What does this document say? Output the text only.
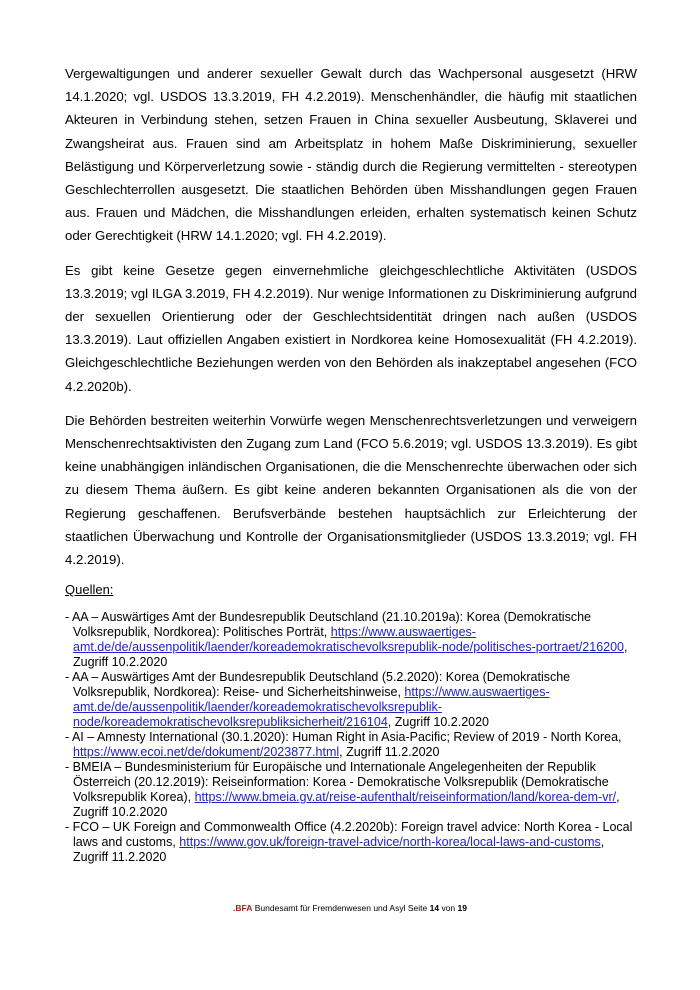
Vergewaltigungen und anderer sexueller Gewalt durch das Wachpersonal ausgesetzt (HRW 14.1.2020; vgl. USDOS 13.3.2019, FH 4.2.2019). Menschenhändler, die häufig mit staatlichen Akteuren in Verbindung stehen, setzen Frauen in China sexueller Ausbeutung, Sklaverei und Zwangsheirat aus. Frauen sind am Arbeitsplatz in hohem Maße Diskriminierung, sexueller Belästigung und Körperverletzung sowie - ständig durch die Regierung vermittelten - stereotypen Geschlechterrollen ausgesetzt. Die staatlichen Behörden üben Misshandlungen gegen Frauen aus. Frauen und Mädchen, die Misshandlungen erleiden, erhalten systematisch keinen Schutz oder Gerechtigkeit (HRW 14.1.2020; vgl. FH 4.2.2019).

Es gibt keine Gesetze gegen einvernehmliche gleichgeschlechtliche Aktivitäten (USDOS 13.3.2019; vgl ILGA 3.2019, FH 4.2.2019). Nur wenige Informationen zu Diskriminierung aufgrund der sexuellen Orientierung oder der Geschlechtsidentität dringen nach außen (USDOS 13.3.2019). Laut offiziellen Angaben existiert in Nordkorea keine Homosexualität (FH 4.2.2019). Gleichgeschlechtliche Beziehungen werden von den Behörden als inakzeptabel angesehen (FCO 4.2.2020b).

Die Behörden bestreiten weiterhin Vorwürfe wegen Menschenrechtsverletzungen und verweigern Menschenrechtsaktivisten den Zugang zum Land (FCO 5.6.2019; vgl. USDOS 13.3.2019). Es gibt keine unabhängigen inländischen Organisationen, die die Menschenrechte überwachen oder sich zu diesem Thema äußern. Es gibt keine anderen bekannten Organisationen als die von der Regierung geschaffenen. Berufsverbände bestehen hauptsächlich zur Erleichterung der staatlichen Überwachung und Kontrolle der Organisationsmitglieder (USDOS 13.3.2019; vgl. FH 4.2.2019).

Quellen:
- AA – Auswärtiges Amt der Bundesrepublik Deutschland (21.10.2019a): Korea (Demokratische Volksrepublik, Nordkorea): Politisches Porträt, https://www.auswaertiges-amt.de/de/aussenpolitik/laender/koreademokratischevolksrepublik-node/politisches-portraet/216200, Zugriff 10.2.2020
- AA – Auswärtiges Amt der Bundesrepublik Deutschland (5.2.2020): Korea (Demokratische Volksrepublik, Nordkorea): Reise- und Sicherheitshinweise, https://www.auswaertiges-amt.de/de/aussenpolitik/laender/koreademokratischevolksrepublik-node/koreademokratischevolksrepubliksicherheit/216104, Zugriff 10.2.2020
- AI – Amnesty International (30.1.2020): Human Right in Asia-Pacific; Review of 2019 - North Korea, https://www.ecoi.net/de/dokument/2023877.html, Zugriff 11.2.2020
- BMEIA – Bundesministerium für Europäische und Internationale Angelegenheiten der Republik Österreich (20.12.2019): Reiseinformation: Korea - Demokratische Volksrepublik (Demokratische Volksrepublik Korea), https://www.bmeia.gv.at/reise-aufenthalt/reiseinformation/land/korea-dem-vr/, Zugriff 10.2.2020
- FCO – UK Foreign and Commonwealth Office (4.2.2020b): Foreign travel advice: North Korea - Local laws and customs, https://www.gov.uk/foreign-travel-advice/north-korea/local-laws-and-customs, Zugriff 11.2.2020
.BFA Bundesamt für Fremdenwesen und Asyl Seite 14 von 19
